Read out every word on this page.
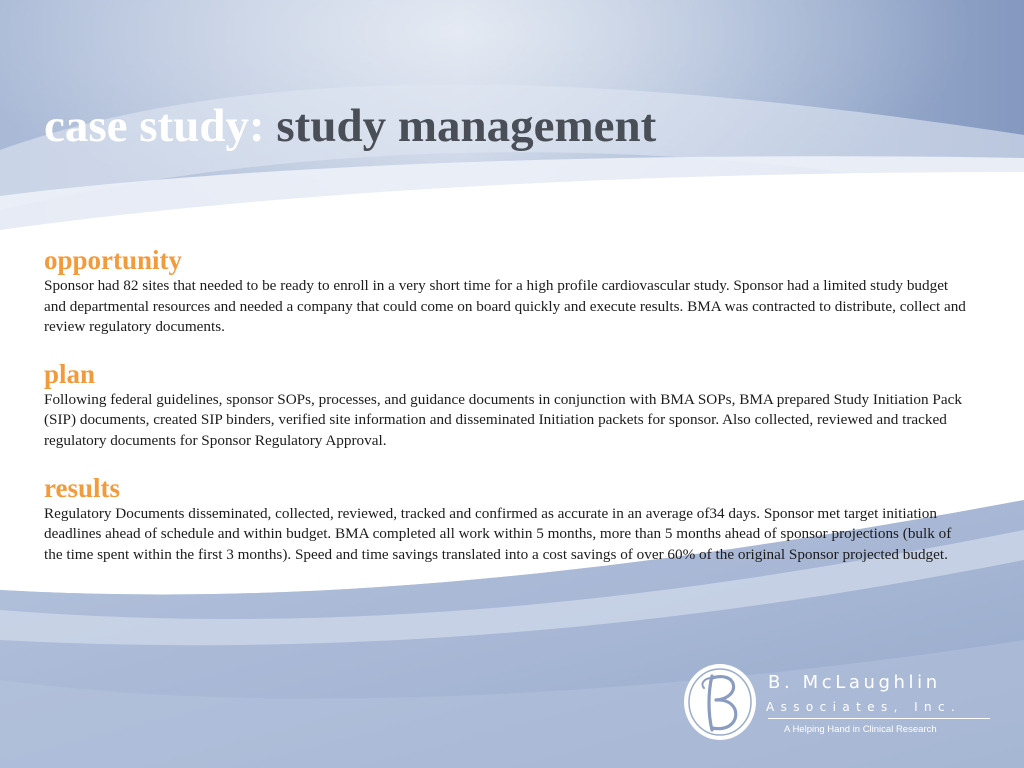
case study: study management
opportunity

Sponsor had 82 sites that needed to be ready to enroll in a very short time for a high profile cardiovascular study. Sponsor had a limited study budget and departmental resources and needed a company that could come on board quickly and execute results. BMA was contracted to distribute, collect and review regulatory documents.

plan

Following federal guidelines, sponsor SOPs, processes, and guidance documents in conjunction with BMA SOPs, BMA prepared Study Initiation Pack (SIP) documents, created SIP binders, verified site information and disseminated Initiation packets for sponsor. Also collected, reviewed and tracked regulatory documents for Sponsor Regulatory Approval.

results

Regulatory Documents disseminated, collected, reviewed, tracked and confirmed as accurate in an average of34 days. Sponsor met target initiation deadlines ahead of schedule and within budget. BMA completed all work within 5 months, more than 5 months ahead of sponsor projections (bulk of the time spent within the first 3 months). Speed and time savings translated into a cost savings of over 60% of the original Sponsor projected budget.

B. McLaughlin
Associates, Inc.
A Helping Hand in Clinical Research
